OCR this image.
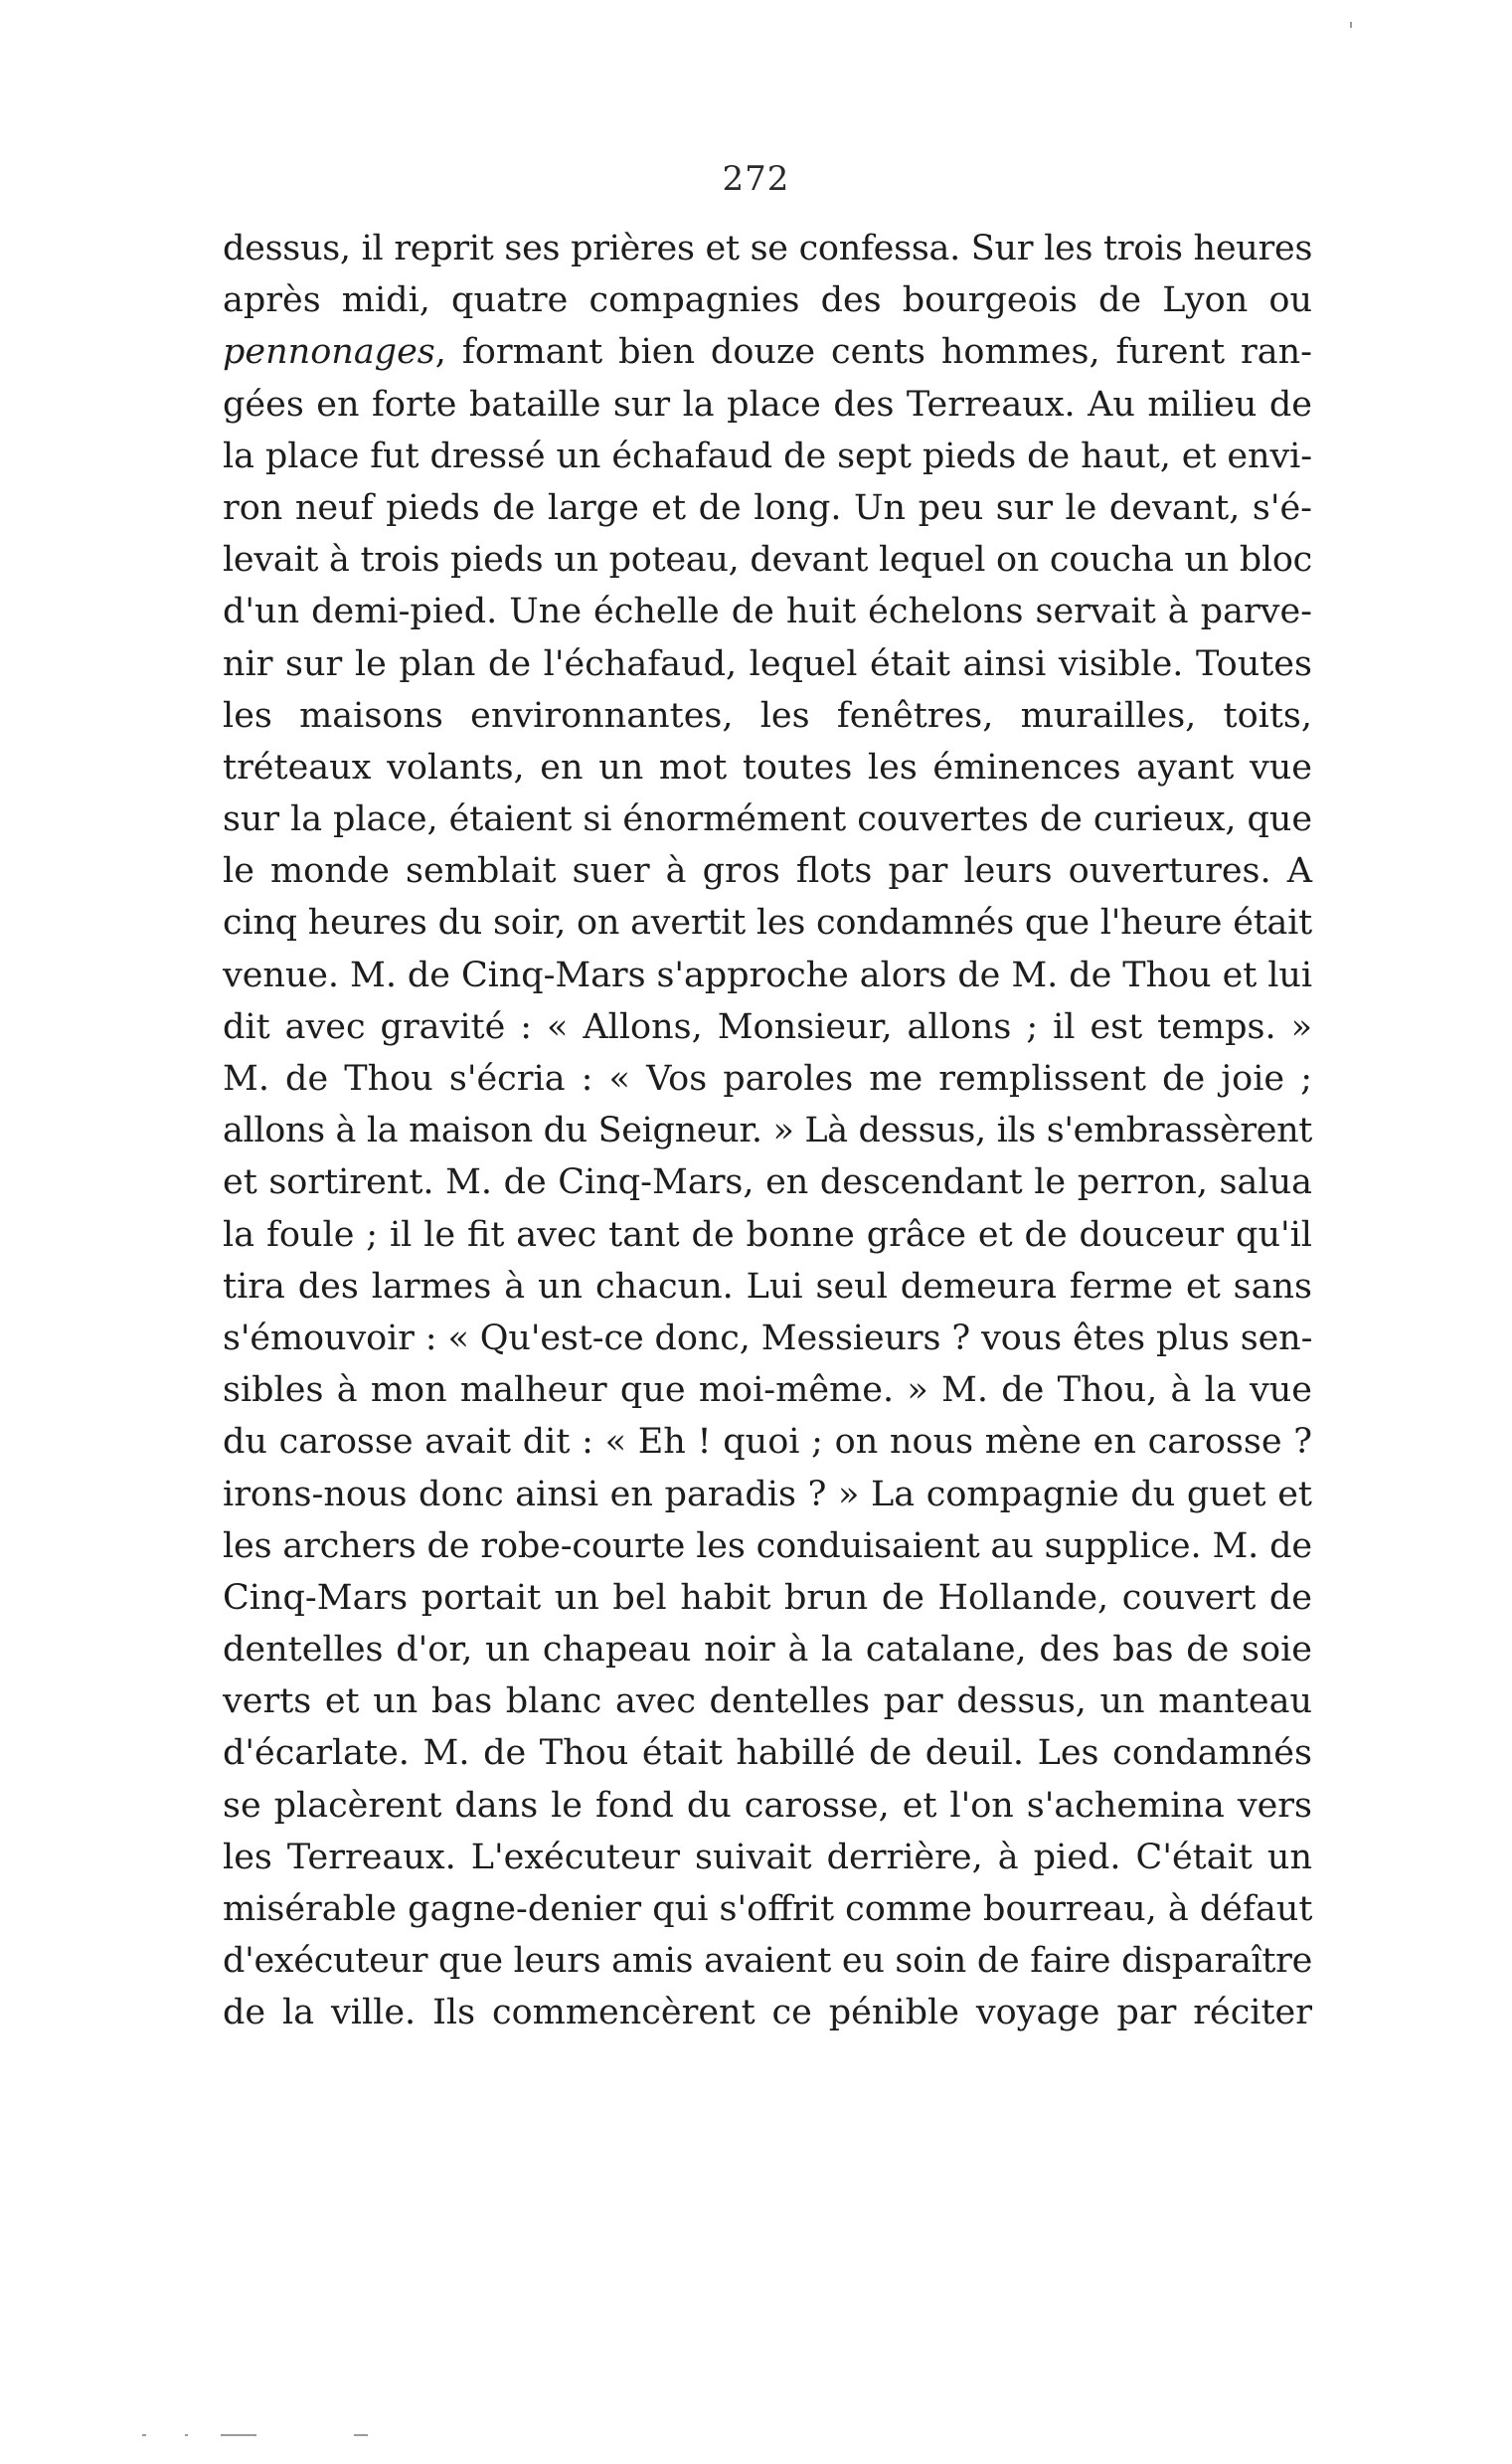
272
dessus, il reprit ses prières et se confessa. Sur les trois heures
après midi, quatre compagnies des bourgeois de Lyon ou
pennonages, formant bien douze cents hommes, furent ran-
gées en forte bataille sur la place des Terreaux. Au milieu de
la place fut dressé un échafaud de sept pieds de haut, et envi-
ron neuf pieds de large et de long. Un peu sur le devant, s'é-
levait à trois pieds un poteau, devant lequel on coucha un bloc
d'un demi-pied. Une échelle de huit échelons servait à parve-
nir sur le plan de l'échafaud, lequel était ainsi visible. Toutes
les maisons environnantes, les fenêtres, murailles, toits,
tréteaux volants, en un mot toutes les éminences ayant vue
sur la place, étaient si énormément couvertes de curieux, que
le monde semblait suer à gros flots par leurs ouvertures. A
cinq heures du soir, on avertit les condamnés que l'heure était
venue. M. de Cinq-Mars s'approche alors de M. de Thou et lui
dit avec gravité : « Allons, Monsieur, allons ; il est temps. »
M. de Thou s'écria : « Vos paroles me remplissent de joie ;
allons à la maison du Seigneur. » Là dessus, ils s'embrassèrent
et sortirent. M. de Cinq-Mars, en descendant le perron, salua
la foule ; il le fit avec tant de bonne grâce et de douceur qu'il
tira des larmes à un chacun. Lui seul demeura ferme et sans
s'émouvoir : « Qu'est-ce donc, Messieurs ? vous êtes plus sen-
sibles à mon malheur que moi-même. » M. de Thou, à la vue
du carosse avait dit : « Eh ! quoi ; on nous mène en carosse ?
irons-nous donc ainsi en paradis ? » La compagnie du guet et
les archers de robe-courte les conduisaient au supplice. M. de
Cinq-Mars portait un bel habit brun de Hollande, couvert de
dentelles d'or, un chapeau noir à la catalane, des bas de soie
verts et un bas blanc avec dentelles par dessus, un manteau
d'écarlate. M. de Thou était habillé de deuil. Les condamnés
se placèrent dans le fond du carosse, et l'on s'achemina vers
les Terreaux. L'exécuteur suivait derrière, à pied. C'était un
misérable gagne-denier qui s'offrit comme bourreau, à défaut
d'exécuteur que leurs amis avaient eu soin de faire disparaître
de la ville. Ils commencèrent ce pénible voyage par réciter
